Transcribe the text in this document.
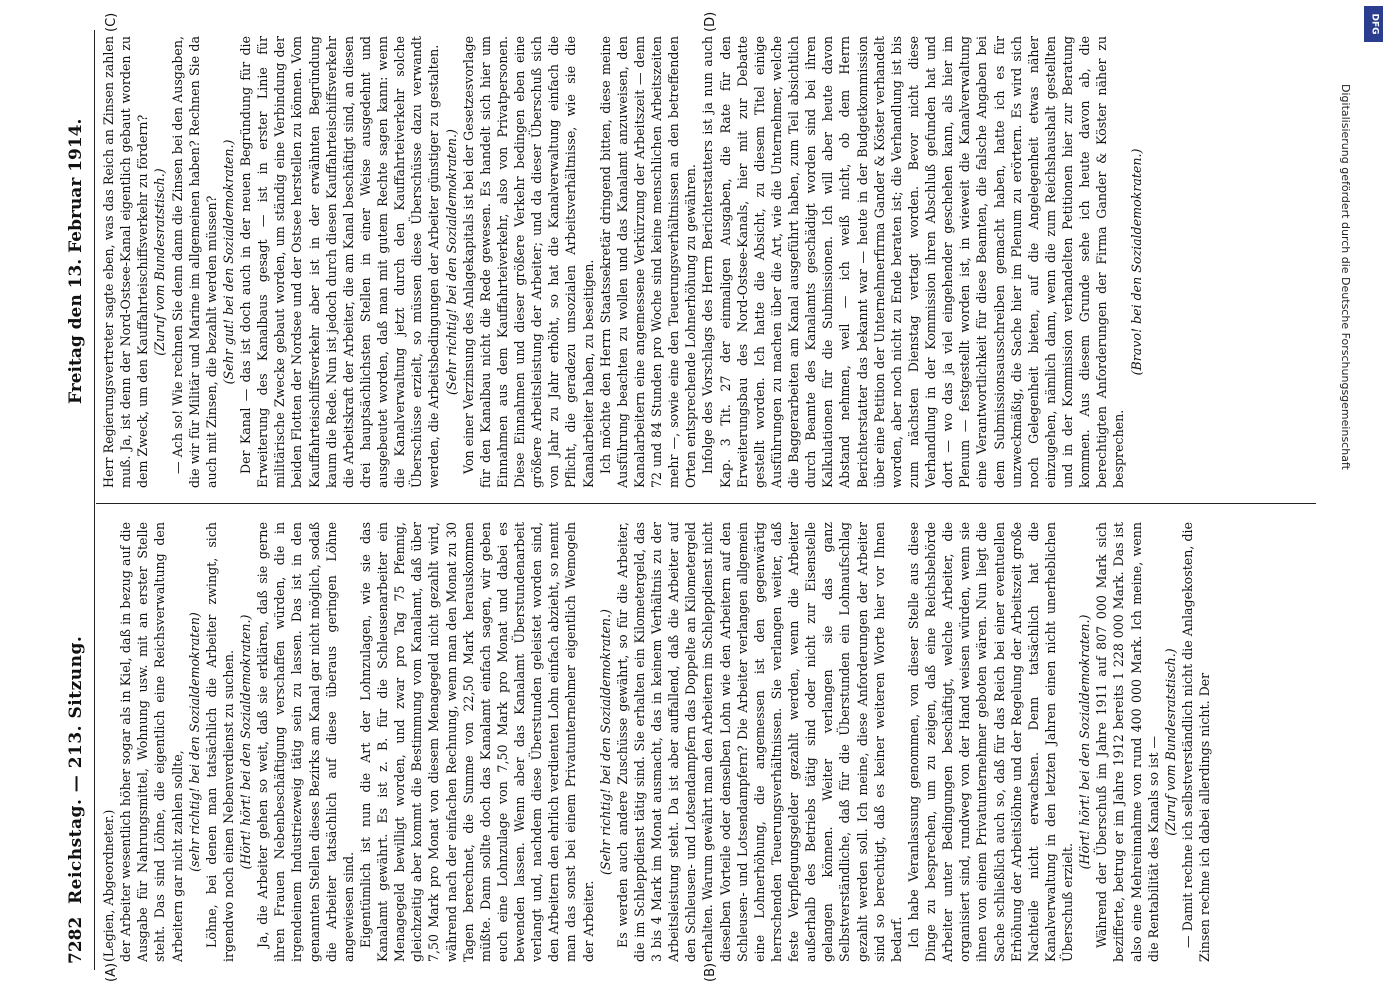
7282
Reichstag. — 213. Sitzung.
Freitag den 13. Februar 1914.
(A)	(B)
(C)	(D)

(Legien, Abgeordneter.) der Arbeiter wesentlich höher sogar als in Kiel, daß in bezug auf die Ausgabe für Nahrungsmittel, Wohnung usw. mit an erster Stelle steht. Das sind Löhne, die eigentlich eine Reichsverwaltung den Arbeitern gar nicht zahlen sollte, (sehr richtig! bei den Sozialdemokraten) Löhne, bei denen man tatsächlich die Arbeiter zwingt, sich irgendwo noch einen Nebenverdienst zu suchen. (Hört! hört! bei den Sozialdemokraten.) Ja, die Arbeiter gehen so weit, daß sie erklären, daß sie gerne ihren Frauen Nebenbeschäftigung verschaffen würden, die in irgendeinem Industriezweig tätig sein zu lassen. Das ist in den genannten Stellen dieses Bezirks am Kanal gar nicht möglich, sodaß die Arbeiter tatsächlich auf diese überaus geringen Löhne angewiesen sind. Eigentümlich ist nun die Art der Lohnzulagen, wie sie das Kanalamt gewährt. Es ist z. B. für die Schleusenarbeiter ein Menagegeld bewilligt worden, und zwar pro Tag 75 Pfennig, gleichzeitig aber kommt die Bestimmung vom Kanalamt, daß über 7,50 Mark pro Monat von diesem Menagegeld nicht gezahlt wird, während nach der einfachen Rechnung, wenn man den Monat zu 30 Tagen berechnet, die Summe von 22,50 Mark herauskommen müßte. Dann sollte doch das Kanalamt einfach sagen, wir geben euch eine Lohnzulage von 7,50 Mark pro Monat und dabei es bewenden lassen. Wenn aber das Kanalamt Überstundenarbeit verlangt und, nachdem diese Überstunden geleistet worden sind, den Arbeitern den ehrlich verdienten Lohn einfach abzieht, so nennt man das sonst bei einem Privatunternehmer eigentlich Wemogeln der Arbeiter.

(Sehr richtig! bei den Sozialdemokraten.) Es werden auch andere Zuschüsse gewährt, so für die Arbeiter, die im Schleppdienst tätig sind. Sie erhalten ein Kilometergeld, das 3 bis 4 Mark im Monat ausmacht, das in keinem Verhältnis zu der Arbeitsleistung steht. Da ist aber auffallend, daß die Arbeiter auf den Schleusen- und Lotsendampfern das Doppelte an Kilometergeld erhalten. Warum gewährt man den Arbeitern im Schleppdienst nicht dieselben Vorteile oder denselben Lohn wie den Arbeitern auf den Schleusen- und Lotsendampfern? Die Arbeiter verlangen allgemein eine Lohnerhöhung, die angemessen ist den gegenwärtig herrschenden Teuerungsverhältnissen. Sie verlangen weiter, daß feste Verpflegungsgelder gezahlt werden, wenn die Arbeiter außerhalb des Betriebs tätig sind oder nicht zur Eisenstelle gelangen können. Weiter verlangen sie das ganz Selbstverständliche, daß für die Überstunden ein Lohnaufschlag gezahlt werden soll. Ich meine, diese Anforderungen der Arbeiter sind so berechtigt, daß es keiner weiteren Worte hier vor Ihnen bedarf. Ich habe Veranlassung genommen, von dieser Stelle aus diese Dinge zu besprechen, um zu zeigen, daß eine Reichsbehörde Arbeiter unter Bedingungen beschäftigt, welche Arbeiter, die organisiert sind, rundweg von der Hand weisen würden, wenn sie ihnen von einem Privatunternehmer geboten wären. Nun liegt die Sache schließlich auch so, daß für das Reich bei einer eventuellen Erhöhung der Arbeitslöhne und der Regelung der Arbeitszeit große Nachteile nicht erwachsen. Denn tatsächlich hat die Kanalverwaltung in den letzten Jahren einen nicht unerheblichen Überschuß erzielt.

(Hört! hört! bei den Sozialdemokraten.) Während der Überschuß im Jahre 1911 auf 807 000 Mark sich bezifferte, betrug er im Jahre 1912 bereits 1 228 000 Mark. Das ist also eine Mehreinnahme von rund 400 000 Mark. Ich meine, wenn die Rentabilität des Kanals so ist — (Zuruf vom Bundesratstisch.) — Damit rechne ich selbstverständlich nicht die Anlagekosten, die Zinsen rechne ich dabei allerdings nicht. Der

Herr Regierungsvertreter sagte eben, was das Reich an Zinsen zahlen muß. Ja, ist denn der Nord-Ostsee-Kanal eigentlich gebaut worden zu dem Zweck, um den Kauffahrteischiffsverkehr zu fördern? (Zuruf vom Bundesratstisch.) — Ach so! Wie rechnen Sie denn dann die Zinsen bei den Ausgaben, die wir für Militär und Marine im allgemeinen haben? Rechnen Sie da auch mit Zinsen, die bezahlt werden müssen? (Sehr gut! bei den Sozialdemokraten.) Der Kanal — das ist doch auch in der neuen Begründung für die Erweiterung des Kanalbaus gesagt — ist in erster Linie für militärische Zwecke gebaut worden, um ständig eine Verbindung der beiden Flotten der Nordsee und der Ostsee herstellen zu können. Vom Kauffahrteischiffsverkehr aber ist in der erwähnten Begründung kaum die Rede. Nun ist jedoch durch diesen Kauffahrteischiffsverkehr die Arbeitskraft der Arbeiter, die am Kanal beschäftigt sind, an diesen drei hauptsächlichsten Stellen in einer Weise ausgedehnt und ausgebeutet worden, daß man mit gutem Rechte sagen kann: wenn die Kanalverwaltung jetzt durch den Kauffahrteiverkehr solche Überschüsse erzielt, so müssen diese Überschüsse dazu verwandt werden, die Arbeitsbedingungen der Arbeiter günstiger zu gestalten. (Sehr richtig! bei den Sozialdemokraten.) Von einer Verzinsung des Anlagekapitals ist bei der Gesetzesvorlage für den Kanalbau nicht die Rede gewesen. Es handelt sich hier um Einnahmen aus dem Kauffahrteiverkehr, also von Privatpersonen. Diese Einnahmen und dieser größere Verkehr bedingen eben eine größere Arbeitsleistung der Arbeiter; und da dieser Überschuß sich von Jahr zu Jahr erhöht, so hat die Kanalverwaltung einfach die Pflicht, die geradezu unsozialen Arbeitsverhältnisse, wie sie die Kanalarbeiter haben, zu beseitigen. Ich möchte den Herrn Staatssekretär dringend bitten, diese meine Ausführung beachten zu wollen und das Kanalamt anzuweisen, den Kanalarbeitern eine angemessene Verkürzung der Arbeitszeit — denn 72 und 84 Stunden pro Woche sind keine menschlichen Arbeitszeiten mehr —, sowie eine den Teuerungsverhältnissen an den betreffenden Orten entsprechende Lohnerhöhung zu gewähren. Infolge des Vorschlags des Herrn Berichterstatters ist ja nun auch Kap. 3 Tit. 27 der einmaligen Ausgaben, die Rate für den Erweiterungsbau des Nord-Ostsee-Kanals, hier mit zur Debatte gestellt worden. Ich hatte die Absicht, zu diesem Titel einige Ausführungen zu machen über die Art, wie die Unternehmer, welche die Baggerarbeiten am Kanal ausgeführt haben, zum Teil absichtlich durch Beamte des Kanalamts geschädigt worden sind bei ihren Kalkulationen für die Submissionen. Ich will aber heute davon Abstand nehmen, weil — ich weiß nicht, ob dem Herrn Berichterstatter das bekannt war — heute in der Budgetkommission über eine Petition der Unternehmerfirma Gander & Köster verhandelt worden, aber noch nicht zu Ende beraten ist; die Verhandlung ist bis zum nächsten Dienstag vertagt worden. Bevor nicht diese Verhandlung in der Kommission ihren Abschluß gefunden hat und dort — wo das ja viel eingehender geschehen kann, als hier im Plenum — festgestellt worden ist, in wieweit die Kanalverwaltung eine Verantwortlichkeit für diese Beamten, die falsche Angaben bei dem Submissionsausschreiben gemacht haben, hatte ich es für unzweckmäßig, die Sache hier im Plenum zu erörtern. Es wird sich noch Gelegenheit bieten, auf die Angelegenheit etwas näher einzugehen, nämlich dann, wenn die zum Reichshaushalt gestellten und in der Kommission verhandelten Petitionen hier zur Beratung kommen. Aus diesem Grunde sehe ich heute davon ab, die berechtigten Anforderungen der Firma Gander & Köster näher zu besprechen.

(Bravo! bei den Sozialdemokraten.)

DFG
Digitalisierung gefördert durch die Deutsche Forschungsgemeinschaft
